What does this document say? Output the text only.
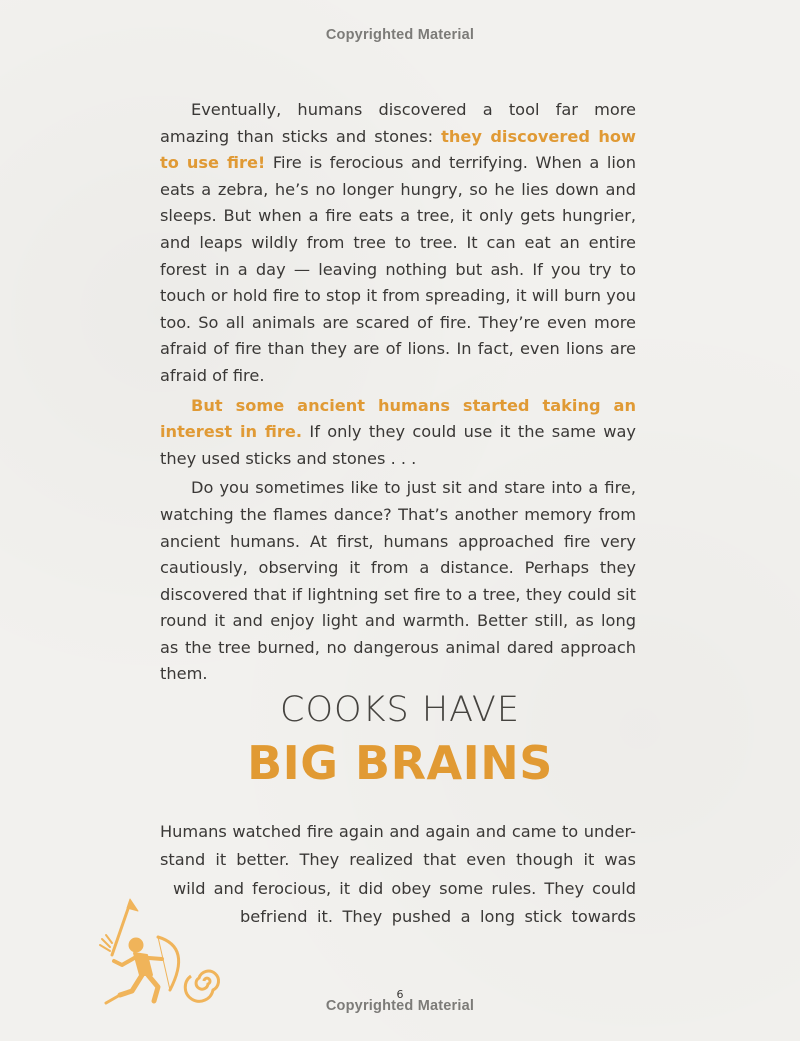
Copyrighted Material

Eventually, humans discovered a tool far more amazing than sticks and stones: they discovered how to use fire! Fire is ferocious and terrifying. When a lion eats a zebra, he’s no longer hungry, so he lies down and sleeps. But when a fire eats a tree, it only gets hungrier, and leaps wildly from tree to tree. It can eat an entire forest in a day — leaving nothing but ash. If you try to touch or hold fire to stop it from spreading, it will burn you too. So all animals are scared of fire. They’re even more afraid of fire than they are of lions. In fact, even lions are afraid of fire.

But some ancient humans started taking an interest in fire. If only they could use it the same way they used sticks and stones . . .

Do you sometimes like to just sit and stare into a fire, watching the flames dance? That’s another memory from ancient humans. At first, humans approached fire very cautiously, observing it from a distance. Perhaps they discovered that if lightning set fire to a tree, they could sit round it and enjoy light and warmth. Better still, as long as the tree burned, no dangerous animal dared approach them.

COOKS HAVE
BIG BRAINS
Humans watched fire again and again and came to under-
stand it better. They realized that even though it was
wild and ferocious, it did obey some rules. They could
befriend it. They pushed a long stick towards
6
Copyrighted Material
